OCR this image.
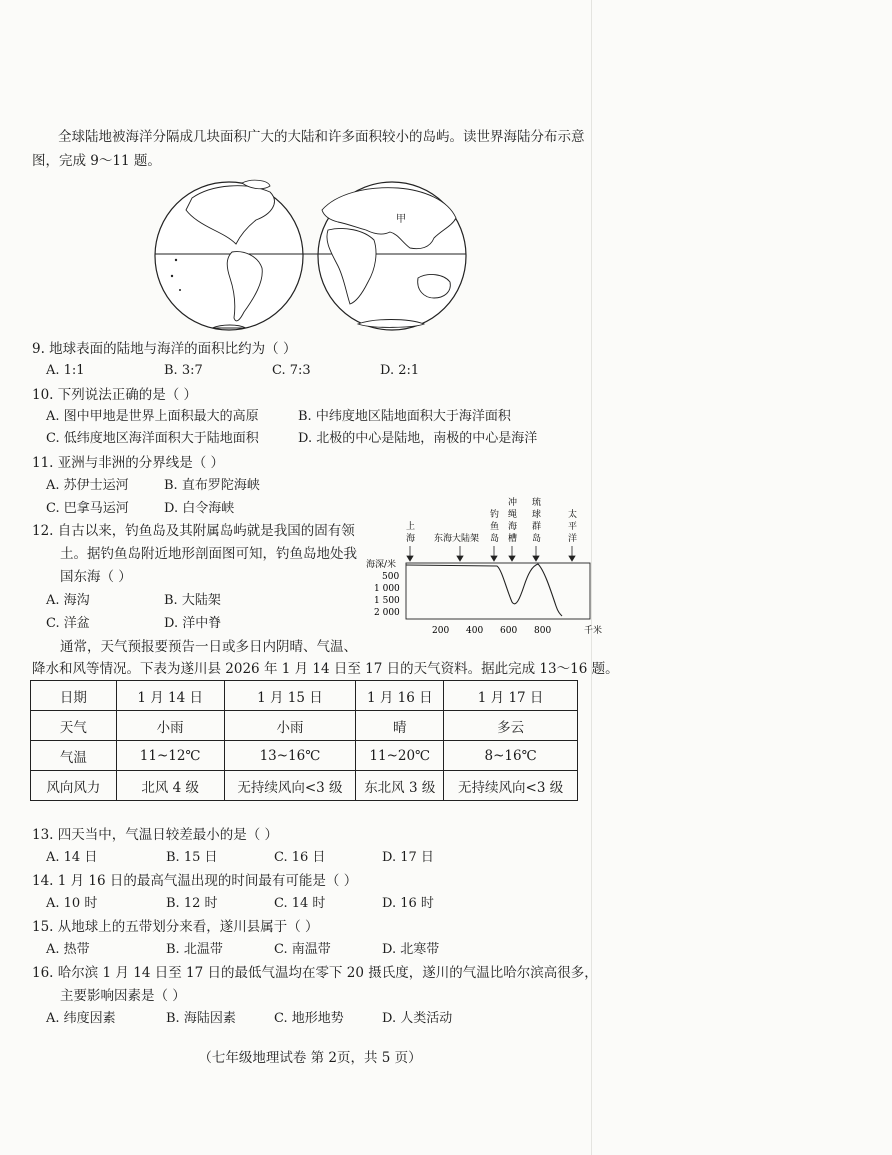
全球陆地被海洋分隔成几块面积广大的大陆和许多面积较小的岛屿。读世界海陆分布示意
图，完成 9～11 题。
甲
9. 地球表面的陆地与海洋的面积比约为（ ）
A. 1:1	B. 3:7	C. 7:3	D. 2:1
10. 下列说法正确的是（ ）
A. 图中甲地是世界上面积最大的高原	B. 中纬度地区陆地面积大于海洋面积
C. 低纬度地区海洋面积大于陆地面积	D. 北极的中心是陆地，南极的中心是海洋
11. 亚洲与非洲的分界线是（ ）
A. 苏伊士运河	B. 直布罗陀海峡
C. 巴拿马运河	D. 白令海峡
12. 自古以来，钓鱼岛及其附属岛屿就是我国的固有领
土。据钓鱼岛附近地形剖面图可知，钓鱼岛地处我
国东海（ ）
A. 海沟	B. 大陆架
C. 洋盆	D. 洋中脊
上
海 东海大陆架
钓
鱼
岛
冲
绳
海
槽
琉
球
群
岛
太
平
洋
海深/米
500
1 000
1 500
2 000
200 400 600 800	千米
通常，天气预报要预告一日或多日内阴晴、气温、
降水和风等情况。下表为遂川县 2026 年 1 月 14 日至 17 日的天气资料。据此完成 13～16 题。
日期	1 月 14 日	1 月 15 日	1 月 16 日	1 月 17 日
天气	小雨	小雨	晴	多云
气温	11~12℃	13~16℃	11~20℃	8~16℃
风向风力	北风 4 级	无持续风向<3 级	东北风 3 级	无持续风向<3 级
13. 四天当中，气温日较差最小的是（ ）
A. 14 日	B. 15 日	C. 16 日	D. 17 日
14. 1 月 16 日的最高气温出现的时间最有可能是（ ）
A. 10 时	B. 12 时	C. 14 时	D. 16 时
15. 从地球上的五带划分来看，遂川县属于（ ）
A. 热带	B. 北温带	C. 南温带	D. 北寒带
16. 哈尔滨 1 月 14 日至 17 日的最低气温均在零下 20 摄氏度，遂川的气温比哈尔滨高很多，
主要影响因素是（ ）
A. 纬度因素	B. 海陆因素	C. 地形地势	D. 人类活动
（七年级地理试卷 第 2页，共 5 页）
